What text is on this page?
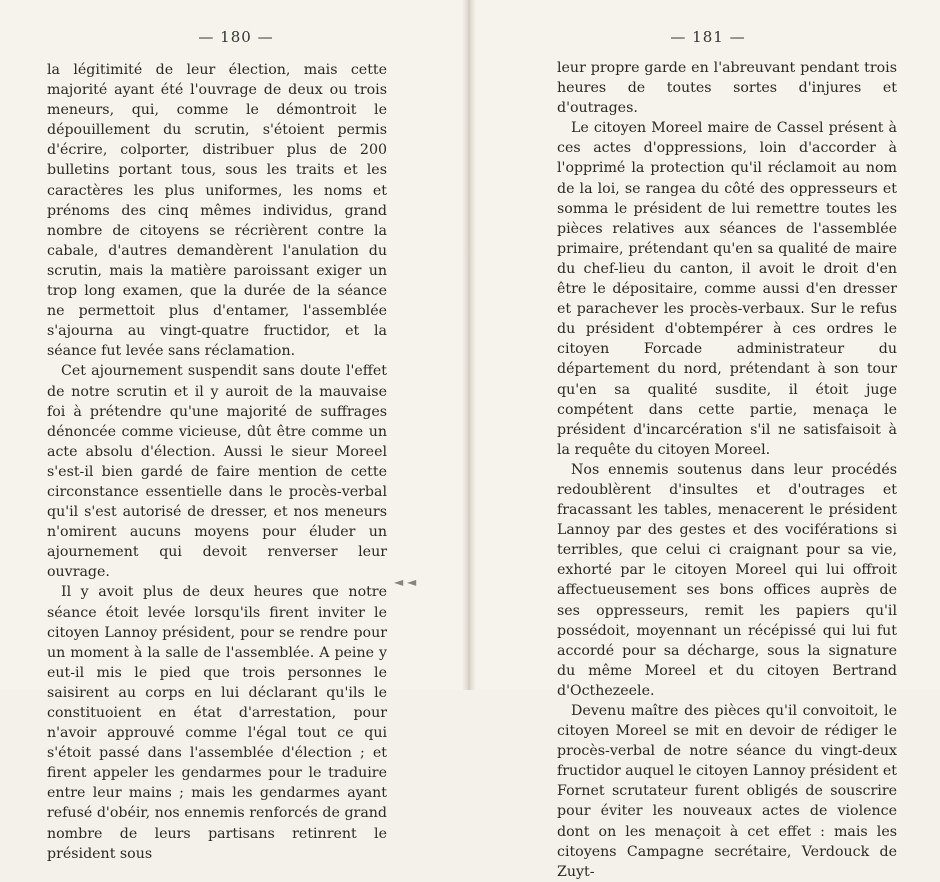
— 180 —

la légitimité de leur élection, mais cette majorité ayant été l'ouvrage de deux ou trois meneurs, qui, comme le démontroit le dépouillement du scrutin, s'étoient permis d'écrire, colporter, distribuer plus de 200 bulletins portant tous, sous les traits et les caractères les plus uniformes, les noms et prénoms des cinq mêmes individus, grand nombre de citoyens se récrièrent contre la cabale, d'autres demandèrent l'anulation du scrutin, mais la matière paroissant exiger un trop long examen, que la durée de la séance ne permettoit plus d'entamer, l'assemblée s'ajourna au vingt-quatre fructidor, et la séance fut levée sans réclamation.

Cet ajournement suspendit sans doute l'effet de notre scrutin et il y auroit de la mauvaise foi à prétendre qu'une majorité de suffrages dénoncée comme vicieuse, dût être comme un acte absolu d'élection. Aussi le sieur Moreel s'est-il bien gardé de faire mention de cette circonstance essentielle dans le procès-verbal qu'il s'est autorisé de dresser, et nos meneurs n'omirent aucuns moyens pour éluder un ajournement qui devoit renverser leur ouvrage.

Il y avoit plus de deux heures que notre séance étoit levée lorsqu'ils firent inviter le citoyen Lannoy président, pour se rendre pour un moment à la salle de l'assemblée. A peine y eut-il mis le pied que trois personnes le saisirent au corps en lui déclarant qu'ils le constituoient en état d'arrestation, pour n'avoir approuvé comme l'égal tout ce qui s'étoit passé dans l'assemblée d'élection ; et firent appeler les gendarmes pour le traduire entre leur mains ; mais les gendarmes ayant refusé d'obéir, nos ennemis renforcés de grand nombre de leurs partisans retinrent le président sous

◄ ◄
— 181 —

leur propre garde en l'abreuvant pendant trois heures de toutes sortes d'injures et d'outrages.

Le citoyen Moreel maire de Cassel présent à ces actes d'oppressions, loin d'accorder à l'opprimé la protection qu'il réclamoit au nom de la loi, se rangea du côté des oppresseurs et somma le président de lui remettre toutes les pièces relatives aux séances de l'assemblée primaire, prétendant qu'en sa qualité de maire du chef-lieu du canton, il avoit le droit d'en être le dépositaire, comme aussi d'en dresser et parachever les procès-verbaux. Sur le refus du président d'obtempérer à ces ordres le citoyen Forcade administrateur du département du nord, prétendant à son tour qu'en sa qualité susdite, il étoit juge compétent dans cette partie, menaça le président d'incarcération s'il ne satisfaisoit à la requête du citoyen Moreel.

Nos ennemis soutenus dans leur procédés redoublèrent d'insultes et d'outrages et fracassant les tables, menacerent le président Lannoy par des gestes et des vociférations si terribles, que celui ci craignant pour sa vie, exhorté par le citoyen Moreel qui lui offroit affectueusement ses bons offices auprès de ses oppresseurs, remit les papiers qu'il possédoit, moyennant un récépissé qui lui fut accordé pour sa décharge, sous la signature du même Moreel et du citoyen Bertrand d'Octhezeele.

Devenu maître des pièces qu'il convoitoit, le citoyen Moreel se mit en devoir de rédiger le procès-verbal de notre séance du vingt-deux fructidor auquel le citoyen Lannoy président et Fornet scrutateur furent obligés de souscrire pour éviter les nouveaux actes de violence dont on les menaçoit à cet effet : mais les citoyens Campagne secrétaire, Verdouck de Zuyt-
